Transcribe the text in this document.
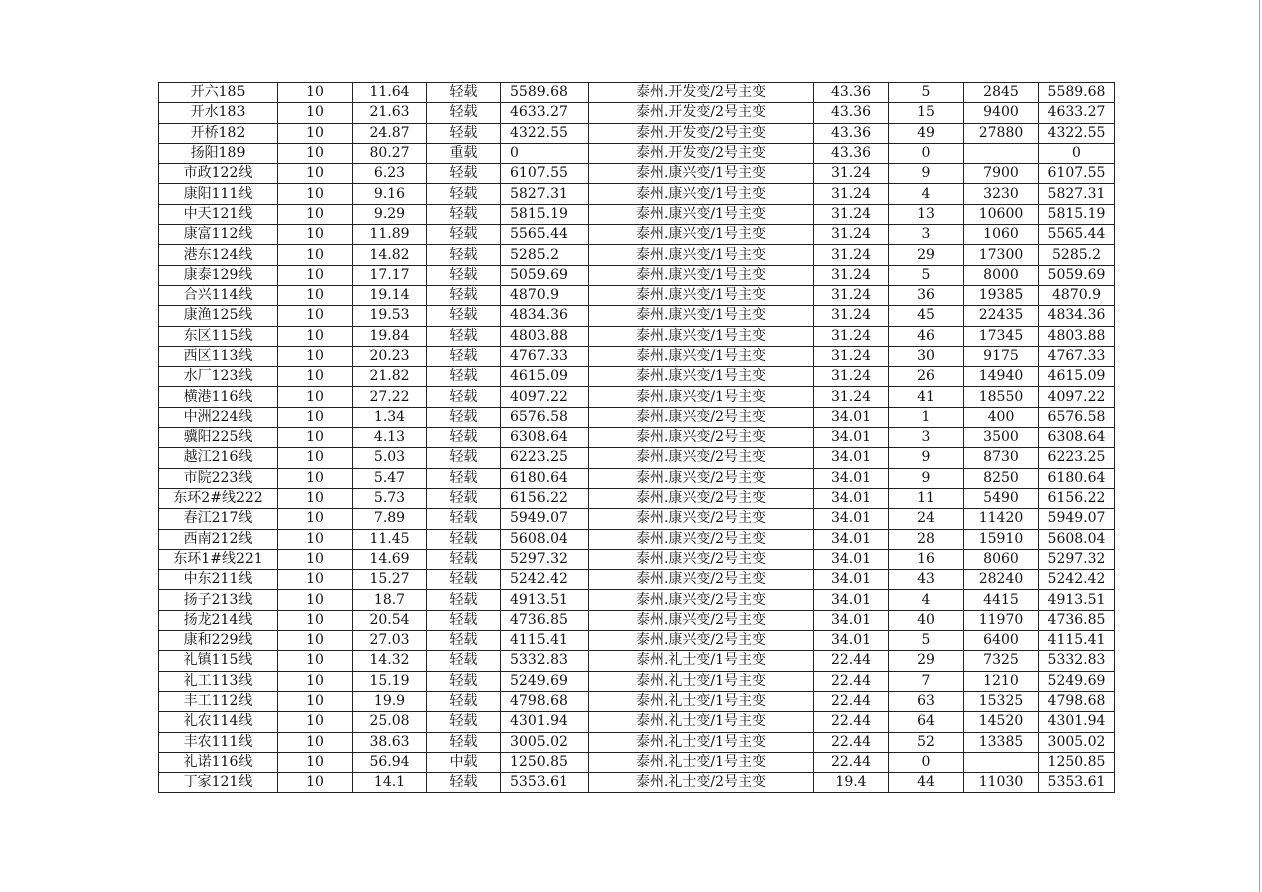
开六185	10	11.64	轻载	5589.68	泰州.开发变/2号主变	43.36	5	2845	5589.68
开水183	10	21.63	轻载	4633.27	泰州.开发变/2号主变	43.36	15	9400	4633.27
开桥182	10	24.87	轻载	4322.55	泰州.开发变/2号主变	43.36	49	27880	4322.55
扬阳189	10	80.27	重载	0	泰州.开发变/2号主变	43.36	0		0
市政122线	10	6.23	轻载	6107.55	泰州.康兴变/1号主变	31.24	9	7900	6107.55
康阳111线	10	9.16	轻载	5827.31	泰州.康兴变/1号主变	31.24	4	3230	5827.31
中天121线	10	9.29	轻载	5815.19	泰州.康兴变/1号主变	31.24	13	10600	5815.19
康富112线	10	11.89	轻载	5565.44	泰州.康兴变/1号主变	31.24	3	1060	5565.44
港东124线	10	14.82	轻载	5285.2	泰州.康兴变/1号主变	31.24	29	17300	5285.2
康泰129线	10	17.17	轻载	5059.69	泰州.康兴变/1号主变	31.24	5	8000	5059.69
合兴114线	10	19.14	轻载	4870.9	泰州.康兴变/1号主变	31.24	36	19385	4870.9
康渔125线	10	19.53	轻载	4834.36	泰州.康兴变/1号主变	31.24	45	22435	4834.36
东区115线	10	19.84	轻载	4803.88	泰州.康兴变/1号主变	31.24	46	17345	4803.88
西区113线	10	20.23	轻载	4767.33	泰州.康兴变/1号主变	31.24	30	9175	4767.33
水厂123线	10	21.82	轻载	4615.09	泰州.康兴变/1号主变	31.24	26	14940	4615.09
横港116线	10	27.22	轻载	4097.22	泰州.康兴变/1号主变	31.24	41	18550	4097.22
中洲224线	10	1.34	轻载	6576.58	泰州.康兴变/2号主变	34.01	1	400	6576.58
骥阳225线	10	4.13	轻载	6308.64	泰州.康兴变/2号主变	34.01	3	3500	6308.64
越江216线	10	5.03	轻载	6223.25	泰州.康兴变/2号主变	34.01	9	8730	6223.25
市院223线	10	5.47	轻载	6180.64	泰州.康兴变/2号主变	34.01	9	8250	6180.64
东环2#线222	10	5.73	轻载	6156.22	泰州.康兴变/2号主变	34.01	11	5490	6156.22
春江217线	10	7.89	轻载	5949.07	泰州.康兴变/2号主变	34.01	24	11420	5949.07
西南212线	10	11.45	轻载	5608.04	泰州.康兴变/2号主变	34.01	28	15910	5608.04
东环1#线221	10	14.69	轻载	5297.32	泰州.康兴变/2号主变	34.01	16	8060	5297.32
中东211线	10	15.27	轻载	5242.42	泰州.康兴变/2号主变	34.01	43	28240	5242.42
扬子213线	10	18.7	轻载	4913.51	泰州.康兴变/2号主变	34.01	4	4415	4913.51
扬龙214线	10	20.54	轻载	4736.85	泰州.康兴变/2号主变	34.01	40	11970	4736.85
康和229线	10	27.03	轻载	4115.41	泰州.康兴变/2号主变	34.01	5	6400	4115.41
礼镇115线	10	14.32	轻载	5332.83	泰州.礼士变/1号主变	22.44	29	7325	5332.83
礼工113线	10	15.19	轻载	5249.69	泰州.礼士变/1号主变	22.44	7	1210	5249.69
丰工112线	10	19.9	轻载	4798.68	泰州.礼士变/1号主变	22.44	63	15325	4798.68
礼农114线	10	25.08	轻载	4301.94	泰州.礼士变/1号主变	22.44	64	14520	4301.94
丰农111线	10	38.63	轻载	3005.02	泰州.礼士变/1号主变	22.44	52	13385	3005.02
礼诺116线	10	56.94	中载	1250.85	泰州.礼士变/1号主变	22.44	0		1250.85
丁家121线	10	14.1	轻载	5353.61	泰州.礼士变/2号主变	19.4	44	11030	5353.61
